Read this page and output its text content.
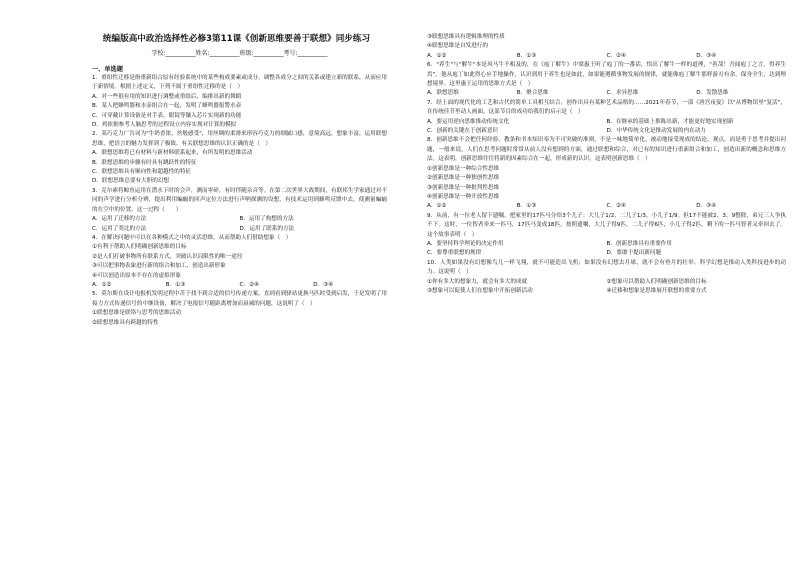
统编版高中政治选择性必修3第11课《创新思维要善于联想》同步练习
学校:__________姓名:__________班级:__________考号:__________
一、单选题

1．重组性迁移是指重新组合原有经验系统中的某些构成要素或成分，调整各成分之间的关系或建立新的联系，从而应用于新情境。根据上述定义，下列不属于重组性迁移的是（　）

A．对一些很有用的知识进行调整或重组后，编排出新的舞蹈

B．某人把蜂鸣器和水壶组合在一起，发明了蜂鸣器报警水壶

C．可穿戴计算设备是对手表、眼镜等镶入芯片实现新的功能

D．鸡依据参考人脑思考的过程设立内容实现对计算的模拟

2．某巧克力广告词为"牛奶香浓，丝般感受"，用丝绸的柔滑来形容巧克力的细腻口感，意境高远，想象丰富，运用联想思维，把语言的魅力发挥到了极致。有关联想思维的认识正确的是（　）

A．联想思维将已有材料与新材料联系起来，有所发明的思维活动

B．联想思维的步骤有时具有跳跃性的特征

C．联想思维具有顺向性和超越性的特征

D．联想思维总要有大胆的幻想

3．克尔索将鲸鱼运用在潜水下时的会声，测而零碎，有时伴随杂音等。在第二次世界大战期间，有联邦生学家通过对不同的声学进行分析分辨，提出利用蝙蝠的回声定位方法进行声呐探测的设想，有技术运用到蜂鸣反馈中去，使测量蝙蝠的在空中的位置，这一过程（　　）

A．运用了迁移的方法	B．运用了构想的方法
C．运用了类比的方法	D．运用了联系的方法

4．在解决问题中可以在各种模式之中的灵活思维，从而帮助人们借助想象（　）

①有利于帮助人们明确创新思维的目标

②是人们打破事物所有联系方式，突破认识局限性的唯一途径

③可以把事物表象进行新的组合和加工，创造出新形象

④可以创造出原本不存在的虚拟形象

A．①②	B．①③	C．②④	D．③④

5．莫尔斯在设计电报机发明过程中苦于找不到合适的信号传递方案，直到看到驿站更换马匹时受到启发，于是发明了用接力方式传递信号的中继设备，解决了电报信号随距离增加而衰减的问题，这说明了（　）

①联想思维是联络与思考的思维活动

②联想思维具有跨越的特性

③联想思维具有逻辑推理的性质

④联想思维是自发进行的

A．①②	B．①③	C．②④	D．③④

6．"养生"与"解牛"本是风马牛不相及的，在《庖丁解牛》中梁惠王听了庖丁的一番话，悟出了解牛一样的道理，"善哉！吾闻庖丁之言，得养生焉"。他从庖丁如此得心应手地操作，认识到用于养生也是如此，如果能遵循事物发展的规律，就能像庖丁解牛那样游刃有余，保身全生，达到理想境界。这里惠王运用的思维方式是（　）

A．联想思维	B．聚合思维	C．求异思维	D．发散思维

7．经上面的现代化的工艺和古代的简单工具相互结合，创作出具有某种艺术品格的……2021年春节，一部《唐宫夜宴》以"从博物馆里"复活"，在传统佳节里动人画面。这部节目的成功给我们的启示是（　）

A．要运用逆向思维推动传统文化	B．在继承的基础上推陈出新，才能更好地实现创新
C．创新的关键在于创新意识	D．中华传统文化是推动发展的内在动力

8．创新思维不会把任何经验、教条和书本知识奉为不可突破的准则，不是一味地简单化、被动地接受现成的结论、观点，而是勇于思考并提出问题，一般来说，人们在思考问题时常常从前人没有想到的方面，通过联想和综合，对已有的知识进行重新组合和加工，创造出新的概念和思维方法。这表明，创新思维往往将新的因素综合在一起，形成新的认识。这表明创新思维（　）

①创新思维是一种综合性思维

②创新思维是一种独创性思维

③创新思维是一种批判性思维

④创新思维是一种开放性思维

A．①②	B．①③	C．②④	D．③④

9．从前，有一位老人留下遗嘱，把家里的17匹马分给3个儿子：大儿子1/2，二儿子1/3，小儿子1/9。但17不能被2、3、9整除，弟兄三人争执不下。这时，一位智者牵来一匹马，17匹马变成18匹，按照遗嘱，大儿子得9匹，二儿子得6匹，小儿子得2匹，剩下的一匹马智者又牵回去了。这个故事表明（　）

A．要坚持科学理论的决定作用	B．创新思维具有重要作用
C．要尊重联想的规律	D．要敢于提出新问题

10．人类如果没有幻想像鸟儿一样飞翔，就不可能造出飞机；如果没有幻想去月球，就不会有登月的壮举。科学幻想是推动人类科技进步的动力。这说明（　）

①你有多大的想象力，就会有多大的成就	②想象可以帮助人们明确创新思维的目标
③想象可以促使人们在想象中开拓创新活动	④迁移和想象是思维展开联想的重要方式
